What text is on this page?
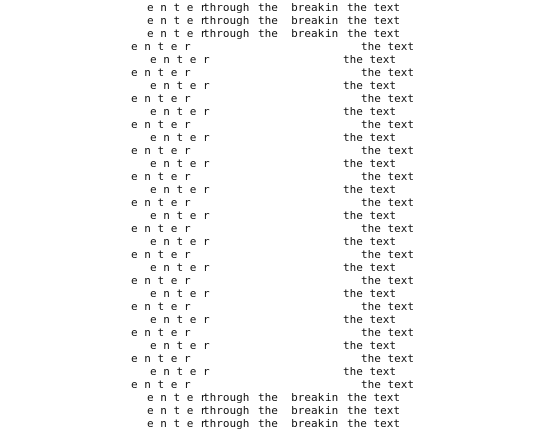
e n t e r
through the  break in the text
e n t e r
through the  break in the text
e n t e r
through the  break in the text
e n t e r	the text
e n t e r	the text
e n t e r	the text
e n t e r	the text
e n t e r	the text
e n t e r	the text
e n t e r	the text
e n t e r	the text
e n t e r	the text
e n t e r	the text
e n t e r	the text
e n t e r	the text
e n t e r	the text
e n t e r	the text
e n t e r	the text
e n t e r	the text
e n t e r	the text
e n t e r	the text
e n t e r	the text
e n t e r	the text
e n t e r	the text
e n t e r	the text
e n t e r	the text
e n t e r	the text
e n t e r	the text
e n t e r	the text
e n t e r	the text
e n t e r
through the  break in the text
e n t e r
through the  break in the text
e n t e r
through the  break in the text
